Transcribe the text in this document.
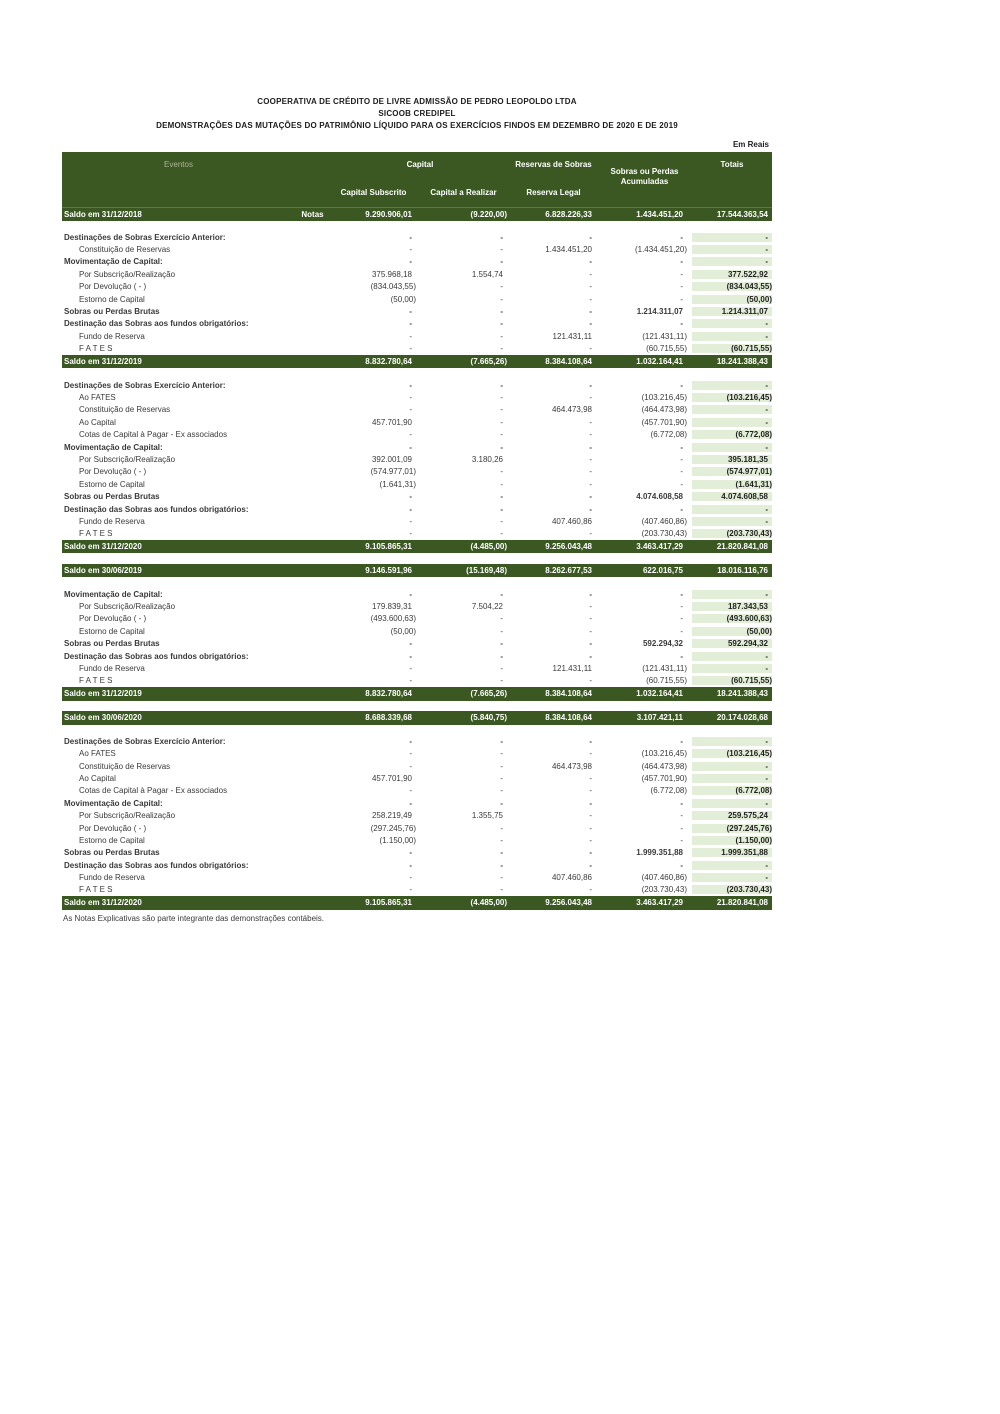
COOPERATIVA DE CRÉDITO DE LIVRE ADMISSÃO DE PEDRO LEOPOLDO LTDA
SICOOB CREDIPEL
DEMONSTRAÇÕES DAS MUTAÇÕES DO PATRIMÔNIO LÍQUIDO PARA OS EXERCÍCIOS FINDOS EM DEZEMBRO DE 2020 E DE 2019
Em Reais
Eventos	Capital	Reservas de Sobras
Sobras ou Perdas
Acumuladas
Totais
Capital Subscrito	Capital a Realizar	Reserva Legal
Saldo em 31/12/2018	Notas	9.290.906,01	(9.220,00)	6.828.226,33	1.434.451,20	17.544.363,54
Destinações de Sobras Exercício Anterior:	-	-	-	-	-
Constituição de Reservas	-	-	1.434.451,20	(1.434.451,20)	-
Movimentação de Capital:	-	-	-	-	-
Por Subscrição/Realização	375.968,18	1.554,74	-	-	377.522,92
Por Devolução ( - )	(834.043,55)	-	-	-	(834.043,55)
Estorno de Capital	(50,00)	-	-	-	(50,00)
Sobras ou Perdas Brutas	-	-	-	1.214.311,07	1.214.311,07
Destinação das Sobras aos fundos obrigatórios:	-	-	-	-	-
Fundo de Reserva	-	-	121.431,11	(121.431,11)	-
F A T E S	-	-	-	(60.715,55)	(60.715,55)
Saldo em 31/12/2019	8.832.780,64	(7.665,26)	8.384.108,64	1.032.164,41	18.241.388,43
Destinações de Sobras Exercício Anterior:	-	-	-	-	-
Ao FATES	-	-	-	(103.216,45)	(103.216,45)
Constituição de Reservas	-	-	464.473,98	(464.473,98)	-
Ao Capital	457.701,90	-	-	(457.701,90)	-
Cotas de Capital à Pagar - Ex associados	-	-	-	(6.772,08)	(6.772,08)
Movimentação de Capital:	-	-	-	-	-
Por Subscrição/Realização	392.001,09	3.180,26	-	-	395.181,35
Por Devolução ( - )	(574.977,01)	-	-	-	(574.977,01)
Estorno de Capital	(1.641,31)	-	-	-	(1.641,31)
Sobras ou Perdas Brutas	-	-	-	4.074.608,58	4.074.608,58
Destinação das Sobras aos fundos obrigatórios:	-	-	-	-	-
Fundo de Reserva	-	-	407.460,86	(407.460,86)	-
F A T E S	-	-	-	(203.730,43)	(203.730,43)
Saldo em 31/12/2020	9.105.865,31	(4.485,00)	9.256.043,48	3.463.417,29	21.820.841,08
Saldo em 30/06/2019	9.146.591,96	(15.169,48)	8.262.677,53	622.016,75	18.016.116,76
Movimentação de Capital:	-	-	-	-	-
Por Subscrição/Realização	179.839,31	7.504,22	-	-	187.343,53
Por Devolução ( - )	(493.600,63)	-	-	-	(493.600,63)
Estorno de Capital	(50,00)	-	-	-	(50,00)
Sobras ou Perdas Brutas	-	-	-	592.294,32	592.294,32
Destinação das Sobras aos fundos obrigatórios:	-	-	-	-	-
Fundo de Reserva	-	-	121.431,11	(121.431,11)	-
F A T E S	-	-	-	(60.715,55)	(60.715,55)
Saldo em 31/12/2019	8.832.780,64	(7.665,26)	8.384.108,64	1.032.164,41	18.241.388,43
Saldo em 30/06/2020	8.688.339,68	(5.840,75)	8.384.108,64	3.107.421,11	20.174.028,68
Destinações de Sobras Exercício Anterior:	-	-	-	-	-
Ao FATES	-	-	-	(103.216,45)	(103.216,45)
Constituição de Reservas	-	-	464.473,98	(464.473,98)	-
Ao Capital	457.701,90	-	-	(457.701,90)	-
Cotas de Capital à Pagar - Ex associados	-	-	-	(6.772,08)	(6.772,08)
Movimentação de Capital:	-	-	-	-	-
Por Subscrição/Realização	258.219,49	1.355,75	-	-	259.575,24
Por Devolução ( - )	(297.245,76)	-	-	-	(297.245,76)
Estorno de Capital	(1.150,00)	-	-	-	(1.150,00)
Sobras ou Perdas Brutas	-	-	-	1.999.351,88	1.999.351,88
Destinação das Sobras aos fundos obrigatórios:	-	-	-	-	-
Fundo de Reserva	-	-	407.460,86	(407.460,86)	-
F A T E S	-	-	-	(203.730,43)	(203.730,43)
Saldo em 31/12/2020	9.105.865,31	(4.485,00)	9.256.043,48	3.463.417,29	21.820.841,08
As Notas Explicativas são parte integrante das demonstrações contábeis.
